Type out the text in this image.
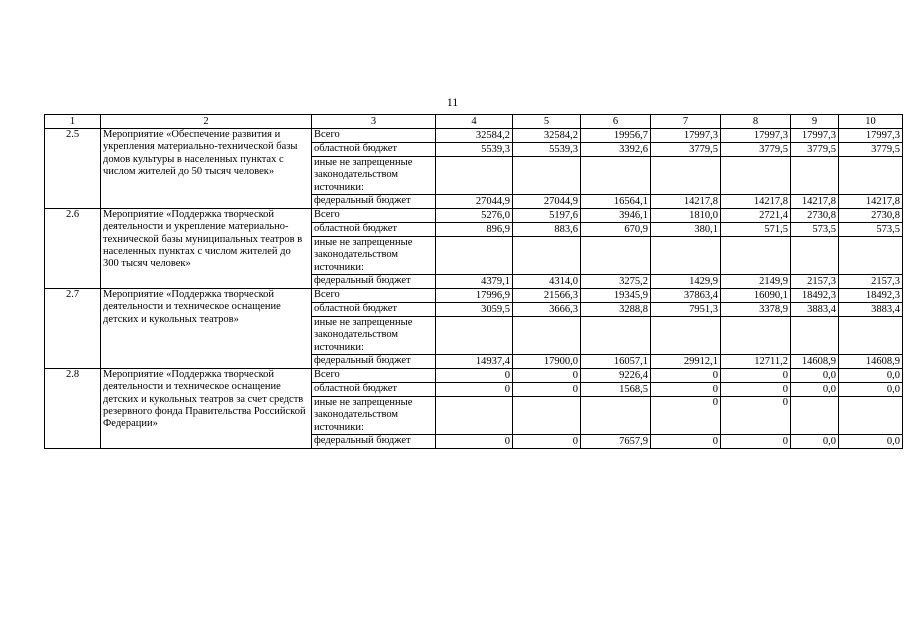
11
1	2	3	4	5	6	7	8	9	10
2.5	Мероприятие «Обеспечение развития и укрепления материально-технической базы домов культуры в населенных пунктах с числом жителей до 50 тысяч человек»	Всего	32584,2	32584,2	19956,7	17997,3	17997,3	17997,3	17997,3
		областной бюджет	5539,3	5539,3	3392,6	3779,5	3779,5	3779,5	3779,5
		иные не запрещенные законодательством источники:							
		федеральный бюджет	27044,9	27044,9	16564,1	14217,8	14217,8	14217,8	14217,8
2.6	Мероприятие «Поддержка творческой деятельности и укрепление материально-технической базы муниципальных театров в населенных пунктах с числом жителей до 300 тысяч человек»	Всего	5276,0	5197,6	3946,1	1810,0	2721,4	2730,8	2730,8
		областной бюджет	896,9	883,6	670,9	380,1	571,5	573,5	573,5
		иные не запрещенные законодательством источники:							
		федеральный бюджет	4379,1	4314,0	3275,2	1429,9	2149,9	2157,3	2157,3
2.7	Мероприятие «Поддержка творческой деятельности и техническое оснащение детских и кукольных театров»	Всего	17996,9	21566,3	19345,9	37863,4	16090,1	18492,3	18492,3
		областной бюджет	3059,5	3666,3	3288,8	7951,3	3378,9	3883,4	3883,4
		иные не запрещенные законодательством источники:							
		федеральный бюджет	14937,4	17900,0	16057,1	29912,1	12711,2	14608,9	14608,9
2.8	Мероприятие «Поддержка творческой деятельности и техническое оснащение детских и кукольных театров за счет средств резервного фонда Правительства Российской Федерации»	Всего	0	0	9226,4	0	0	0,0	0,0
		областной бюджет	0	0	1568,5	0	0	0,0	0,0
		иные не запрещенные законодательством источники:				0	0		
		федеральный бюджет	0	0	7657,9	0	0	0,0	0,0
